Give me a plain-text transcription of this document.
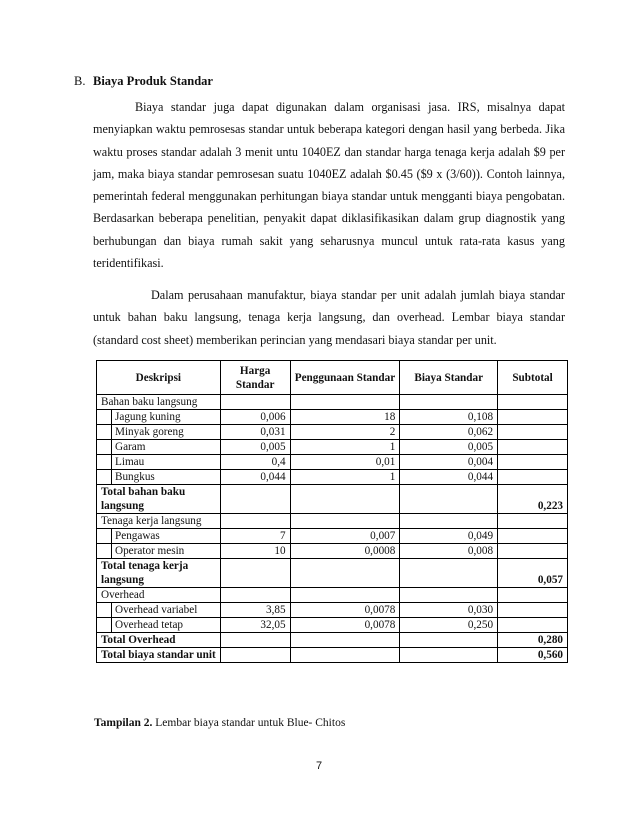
B. Biaya Produk Standar
Biaya standar juga dapat digunakan dalam organisasi jasa. IRS, misalnya dapat menyiapkan waktu pemrosesas standar untuk beberapa kategori dengan hasil yang berbeda. Jika waktu proses standar adalah 3 menit untu 1040EZ dan standar harga tenaga kerja adalah $9 per jam, maka biaya standar pemrosesan suatu 1040EZ adalah $0.45 ($9 x (3/60)). Contoh lainnya, pemerintah federal menggunakan perhitungan biaya standar untuk mengganti biaya pengobatan. Berdasarkan beberapa penelitian, penyakit dapat diklasifikasikan dalam grup diagnostik yang berhubungan dan biaya rumah sakit yang seharusnya muncul untuk rata-rata kasus yang teridentifikasi.
Dalam perusahaan manufaktur, biaya standar per unit adalah jumlah biaya standar untuk bahan baku langsung, tenaga kerja langsung, dan overhead. Lembar biaya standar (standard cost sheet) memberikan perincian yang mendasari biaya standar per unit.
Deskripsi	Harga Standar	Penggunaan Standar	Biaya Standar	Subtotal
Bahan baku langsung				

Jagung kuning	0,006	18	0,108	

Minyak goreng	0,031	2	0,062	

Garam	0,005	1	0,005	

Limau	0,4	0,01	0,004	

Bungkus	0,044	1	0,044	
Total bahan baku langsung				0,223
Tenaga kerja langsung				

Pengawas	7	0,007	0,049	

Operator mesin	10	0,0008	0,008	
Total tenaga kerja langsung				0,057
Overhead				

Overhead variabel	3,85	0,0078	0,030	

Overhead tetap	32,05	0,0078	0,250	
Total Overhead				0,280
Total biaya standar unit				0,560
Tampilan 2. Lembar biaya standar untuk Blue- Chitos
7
